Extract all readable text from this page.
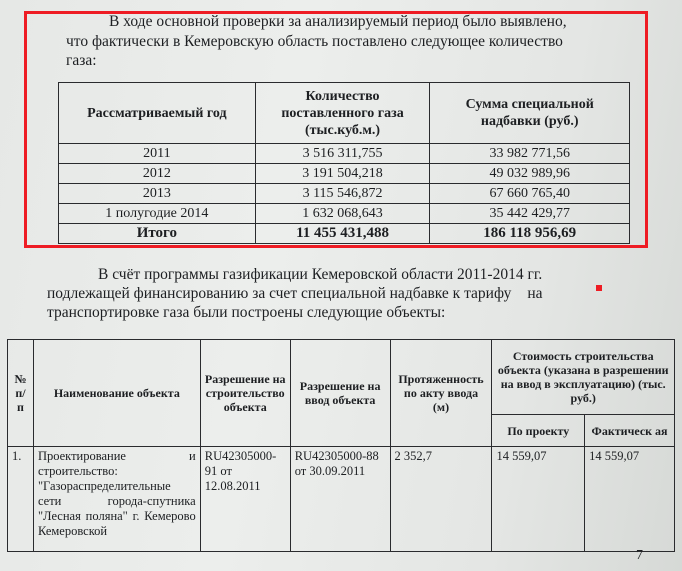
В ходе основной проверки за анализируемый период было выявлено,
что фактически в Кемеровскую область поставлено следующее количество
газа:
Рассматриваемый год	Количество поставленного газа (тыс.куб.м.)	Сумма специальной надбавки (руб.)
2011	3 516 311,755	33 982 771,56
2012	3 191 504,218	49 032 989,96
2013	3 115 546,872	67 660 765,40
1 полугодие 2014	1 632 068,643	35 442 429,77
Итого	11 455 431,488	186 118 956,69
В счёт программы газификации Кемеровской области 2011-2014 гг.
подлежащей финансированию за счет специальной надбавке к тарифу на
транспортировке газа были построены следующие объекты:
№ п/п	Наименование объекта	Разрешение на строительство объекта	Разрешение на ввод объекта	Протяженность по акту ввода (м)	Стоимость строительства объекта (указана в разрешении на ввод в эксплуатацию) (тыс. руб.)	
					По проекту	Фактическ ая
1.	Проектирование и строительство: "Газораспределительные сети города-спутника "Лесная поляна" г. Кемерово Кемеровской	RU42305000-91 от 12.08.2011	RU42305000-88 от 30.09.2011	2 352,7	14 559,07	14 559,07
7
